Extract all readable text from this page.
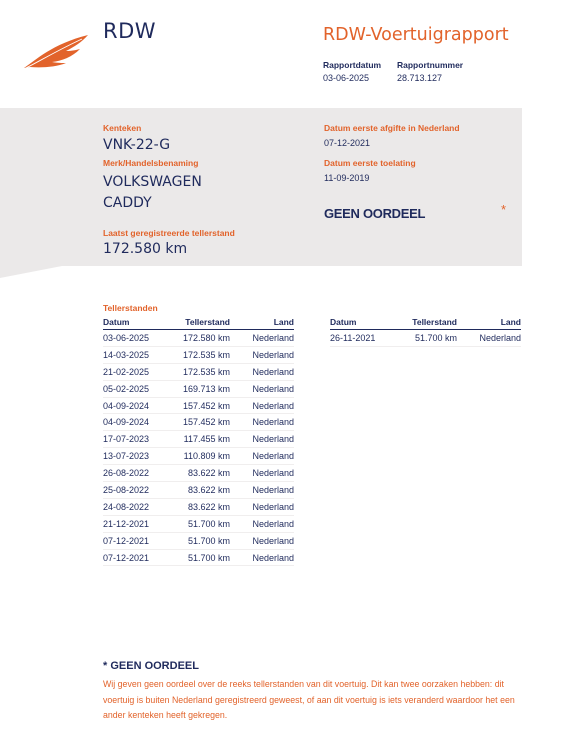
RDW	RDW-Voertuigrapport
Rapportdatum Rapportnummer
03-06-2025	28.713.127
Kenteken
VNK-22-G
Merk/Handelsbenaming
VOLKSWAGEN
CADDY
Laatst geregistreerde tellerstand
172.580 km
Datum eerste afgifte in Nederland
07-12-2021
Datum eerste toelating
11-09-2019
GEEN OORDEEL	*
Tellerstanden
Datum	Tellerstand	Land
03-06-2025	172.580 km	Nederland
14-03-2025	172.535 km	Nederland
21-02-2025	172.535 km	Nederland
05-02-2025	169.713 km	Nederland
04-09-2024	157.452 km	Nederland
04-09-2024	157.452 km	Nederland
17-07-2023	117.455 km	Nederland
13-07-2023	110.809 km	Nederland
26-08-2022	83.622 km	Nederland
25-08-2022	83.622 km	Nederland
24-08-2022	83.622 km	Nederland
21-12-2021	51.700 km	Nederland
07-12-2021	51.700 km	Nederland
07-12-2021	51.700 km	Nederland
Datum	Tellerstand	Land
26-11-2021	51.700 km	Nederland
* GEEN OORDEEL
Wij geven geen oordeel over de reeks tellerstanden van dit voertuig. Dit kan twee oorzaken hebben: dit voertuig is buiten Nederland geregistreerd geweest, of aan dit voertuig is iets veranderd waardoor het een ander kenteken heeft gekregen.
